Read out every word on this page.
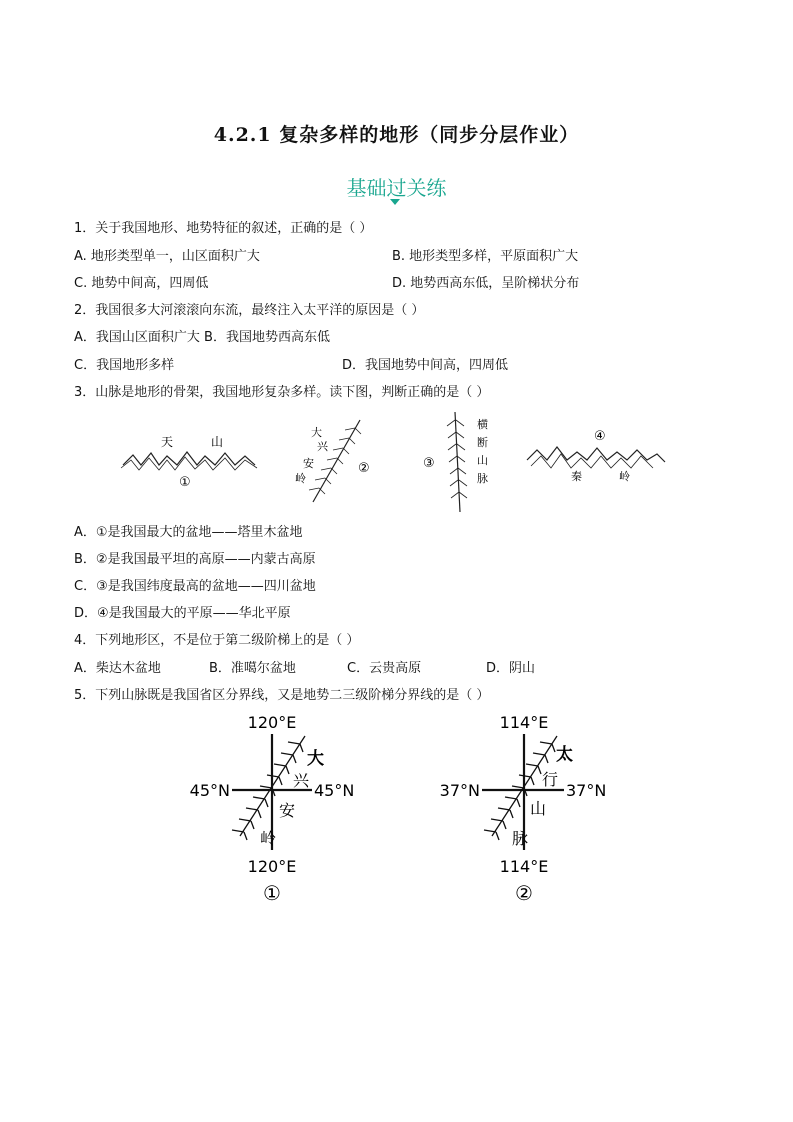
4.2.1 复杂多样的地形（同步分层作业）
基础过关练
1．关于我国地形、地势特征的叙述，正确的是（ ）
A. 地形类型单一，山区面积广大	B. 地形类型多样，平原面积广大
C. 地势中间高，四周低	D. 地势西高东低，呈阶梯状分布
2．我国很多大河滚滚向东流，最终注入太平洋的原因是（ ）
A．我国山区面积广大 B．我国地势西高东低
C．我国地形多样	D．我国地势中间高，四周低
3．山脉是地形的骨架，我国地形复杂多样。读下图，判断正确的是（ ）
天	山
①
大
兴
安
岭
②
横
断
山
脉
③
秦	岭
④
A．①是我国最大的盆地——塔里木盆地
B．②是我国最平坦的高原——内蒙古高原
C．③是我国纬度最高的盆地——四川盆地
D．④是我国最大的平原——华北平原
4．下列地形区，不是位于第二级阶梯上的是（ ）
A．柴达木盆地	B．准噶尔盆地	C．云贵高原	D．阴山
5．下列山脉既是我国省区分界线，又是地势二三级阶梯分界线的是（ ）
120°E
45°N	45°N
大
兴
安
岭
120°E
①
114°E
37°N	37°N
太
行
山
脉
114°E
②
